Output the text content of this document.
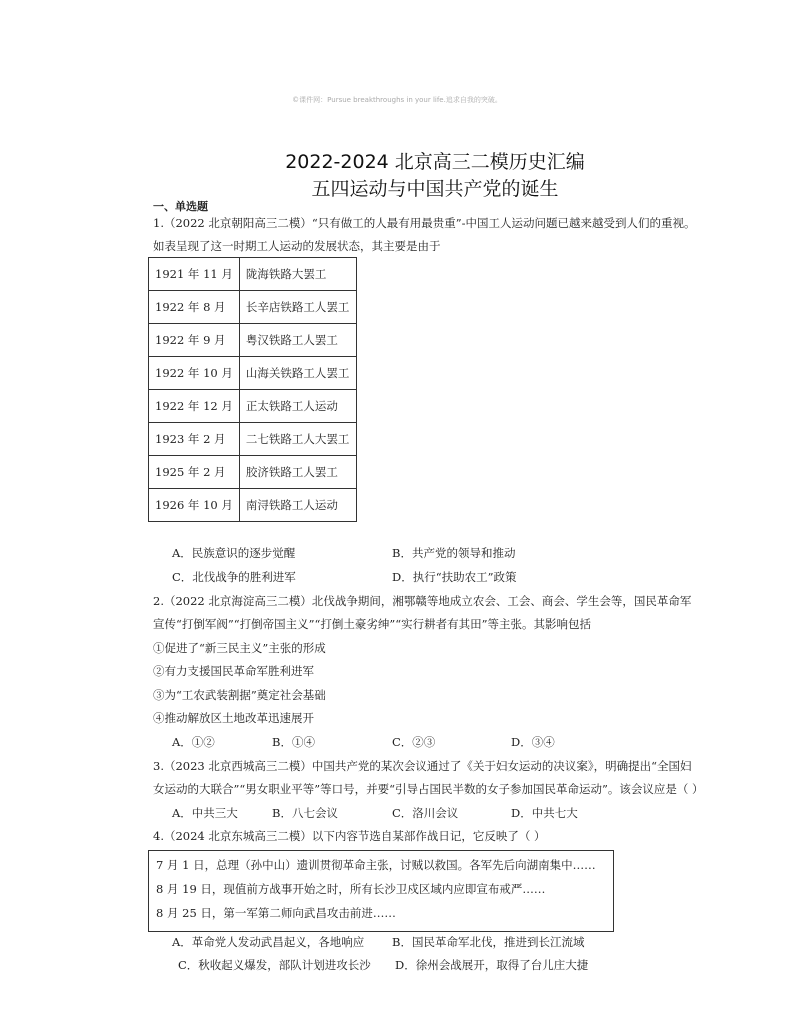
©课件网：Pursue breakthroughs in your life.追求自我的突破。
2022-2024 北京高三二模历史汇编
五四运动与中国共产党的诞生
一、单选题
1.（2022 北京朝阳高三二模）“只有做工的人最有用最贵重”-中国工人运动问题已越来越受到人们的重视。
如表呈现了这一时期工人运动的发展状态，其主要是由于
1921 年 11 月	陇海铁路大罢工
1922 年 8 月	长辛店铁路工人罢工
1922 年 9 月	粤汉铁路工人罢工
1922 年 10 月	山海关铁路工人罢工
1922 年 12 月	正太铁路工人运动
1923 年 2 月	二七铁路工人大罢工
1925 年 2 月	胶济铁路工人罢工
1926 年 10 月	南浔铁路工人运动
A．民族意识的逐步觉醒	B．共产党的领导和推动
C．北伐战争的胜利进军	D．执行“扶助农工”政策
2.（2022 北京海淀高三二模）北伐战争期间，湘鄂赣等地成立农会、工会、商会、学生会等，国民革命军
宣传“打倒军阀”“打倒帝国主义”“打倒土豪劣绅”“实行耕者有其田”等主张。其影响包括
①促进了“新三民主义”主张的形成
②有力支援国民革命军胜利进军
③为“工农武装割据”奠定社会基础
④推动解放区土地改革迅速展开
A．①②	B．①④	C．②③	D．③④
3.（2023 北京西城高三二模）中国共产党的某次会议通过了《关于妇女运动的决议案》，明确提出“全国妇
女运动的大联合”“男女职业平等”等口号，并要“引导占国民半数的女子参加国民革命运动”。该会议应是（ ）
A．中共三大	B．八七会议	C．洛川会议	D．中共七大
4.（2024 北京东城高三二模）以下内容节选自某部作战日记，它反映了（ ）
7 月 1 日，总理（孙中山）遗训贯彻革命主张，讨贼以救国。各军先后向湖南集中……
8 月 19 日，现值前方战事开始之时，所有长沙卫戍区域内应即宣布戒严……
8 月 25 日，第一军第二师向武昌攻击前进……
A．革命党人发动武昌起义，各地响应 B．国民革命军北伐，推进到长江流域
C．秋收起义爆发，部队计划进攻长沙 D．徐州会战展开，取得了台儿庄大捷
